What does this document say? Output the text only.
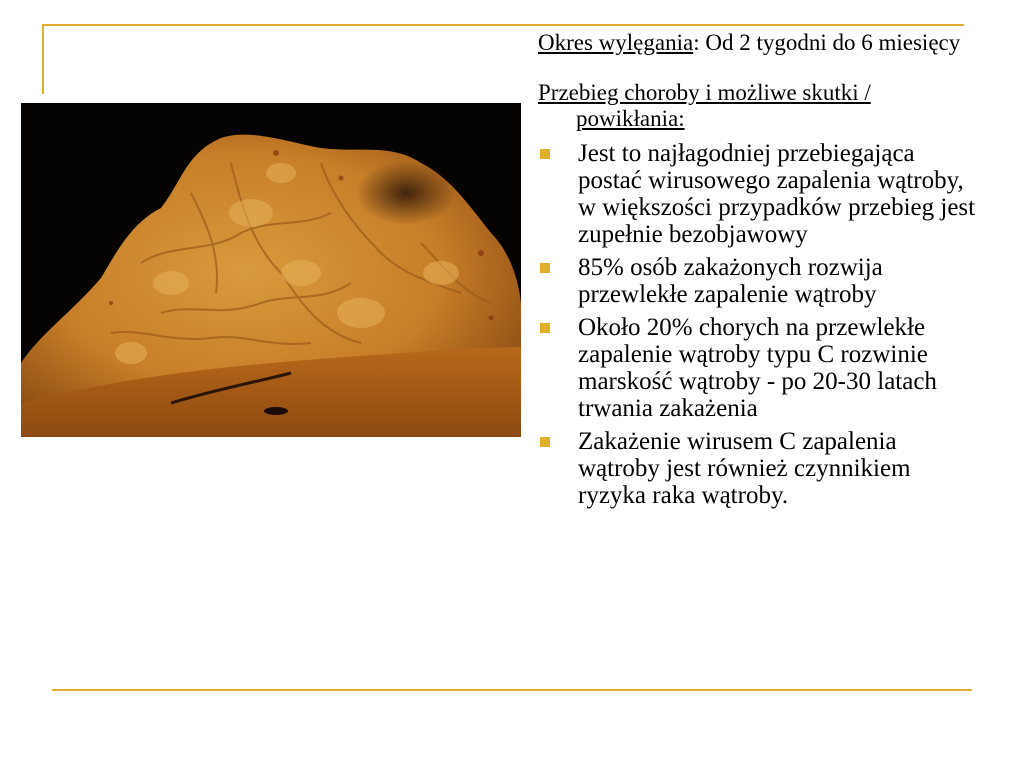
Okres wylęgania: Od 2 tygodni do 6 miesięcy

Przebieg choroby i możliwe skutki / powikłania:

Jest to najłagodniej przebiegająca postać wirusowego zapalenia wątroby, w większości przypadków przebieg jest zupełnie bezobjawowy
85% osób zakażonych rozwija przewlekłe zapalenie wątroby
Około 20% chorych na przewlekłe zapalenie wątroby typu C rozwinie marskość wątroby - po 20-30 latach trwania zakażenia
Zakażenie wirusem C zapalenia wątroby jest również czynnikiem ryzyka raka wątroby.
